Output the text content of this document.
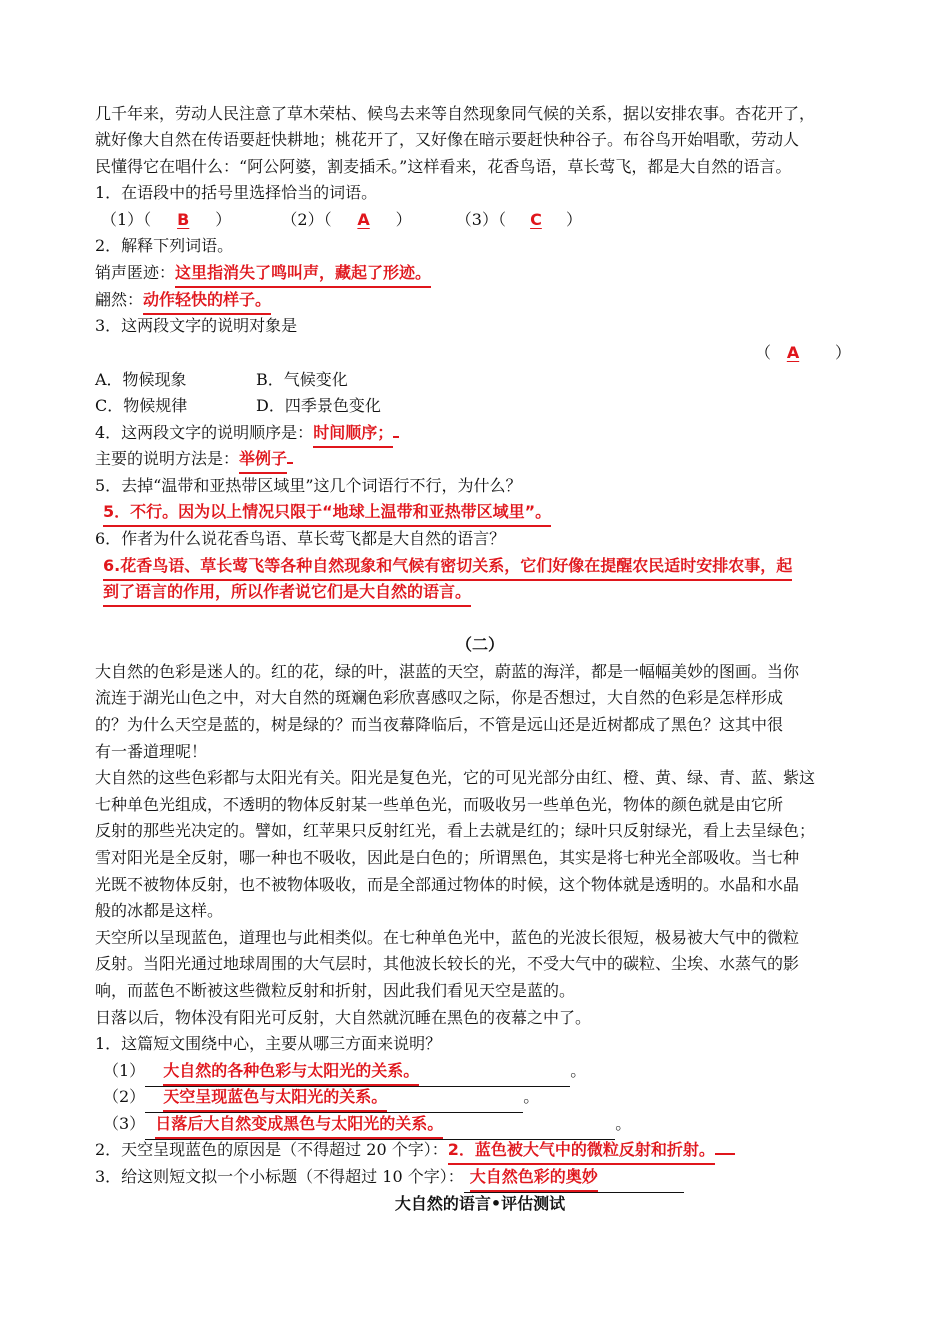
几千年来，劳动人民注意了草木荣枯、候鸟去来等自然现象同气候的关系，据以安排农事。杏花开了，
就好像大自然在传语要赶快耕地；桃花开了，又好像在暗示要赶快种谷子。布谷鸟开始唱歌，劳动人
民懂得它在唱什么：“阿公阿婆，割麦插禾。”这样看来，花香鸟语，草长莺飞，都是大自然的语言。
1．在语段中的括号里选择恰当的词语。
（1）（ B ）	（2）（ A ）	（3）（ C ）
2．解释下列词语。
销声匿迹：这里指消失了鸣叫声，藏起了形迹。
翩然：动作轻快的样子。
3．这两段文字的说明对象是
（ A ）
A．物候现象	B．气候变化
C．物候规律	D．四季景色变化
4．这两段文字的说明顺序是：时间顺序；
主要的说明方法是：举例子
5．去掉“温带和亚热带区域里”这几个词语行不行，为什么？
5．不行。因为以上情况只限于“地球上温带和亚热带区域里”。
6．作者为什么说花香鸟语、草长莺飞都是大自然的语言？
6.花香鸟语、草长莺飞等各种自然现象和气候有密切关系，它们好像在提醒农民适时安排农事，起
到了语言的作用，所以作者说它们是大自然的语言。
（二）
大自然的色彩是迷人的。红的花，绿的叶，湛蓝的天空，蔚蓝的海洋，都是一幅幅美妙的图画。当你
流连于湖光山色之中，对大自然的斑斓色彩欣喜感叹之际，你是否想过，大自然的色彩是怎样形成
的？为什么天空是蓝的，树是绿的？而当夜幕降临后，不管是远山还是近树都成了黑色？这其中很
有一番道理呢！
大自然的这些色彩都与太阳光有关。阳光是复色光，它的可见光部分由红、橙、黄、绿、青、蓝、紫这
七种单色光组成，不透明的物体反射某一些单色光，而吸收另一些单色光，物体的颜色就是由它所
反射的那些光决定的。譬如，红苹果只反射红光，看上去就是红的；绿叶只反射绿光，看上去呈绿色；
雪对阳光是全反射，哪一种也不吸收，因此是白色的；所谓黑色，其实是将七种光全部吸收。当七种
光既不被物体反射，也不被物体吸收，而是全部通过物体的时候，这个物体就是透明的。水晶和水晶
般的冰都是这样。
天空所以呈现蓝色，道理也与此相类似。在七种单色光中，蓝色的光波长很短，极易被大气中的微粒
反射。当阳光通过地球周围的大气层时，其他波长较长的光，不受大气中的碳粒、尘埃、水蒸气的影
响，而蓝色不断被这些微粒反射和折射，因此我们看见天空是蓝的。
日落以后，物体没有阳光可反射，大自然就沉睡在黑色的夜幕之中了。
1．这篇短文围绕中心，主要从哪三方面来说明？
（1） 大自然的各种色彩与太阳光的关系。	。
（2） 天空呈现蓝色与太阳光的关系。	。
（3） 日落后大自然变成黑色与太阳光的关系。	。
2．天空呈现蓝色的原因是（不得超过 20 个字）：2．蓝色被大气中的微粒反射和折射。
3．给这则短文拟一个小标题（不得超过 10 个字）： 大自然色彩的奥妙
大自然的语言•评估测试
